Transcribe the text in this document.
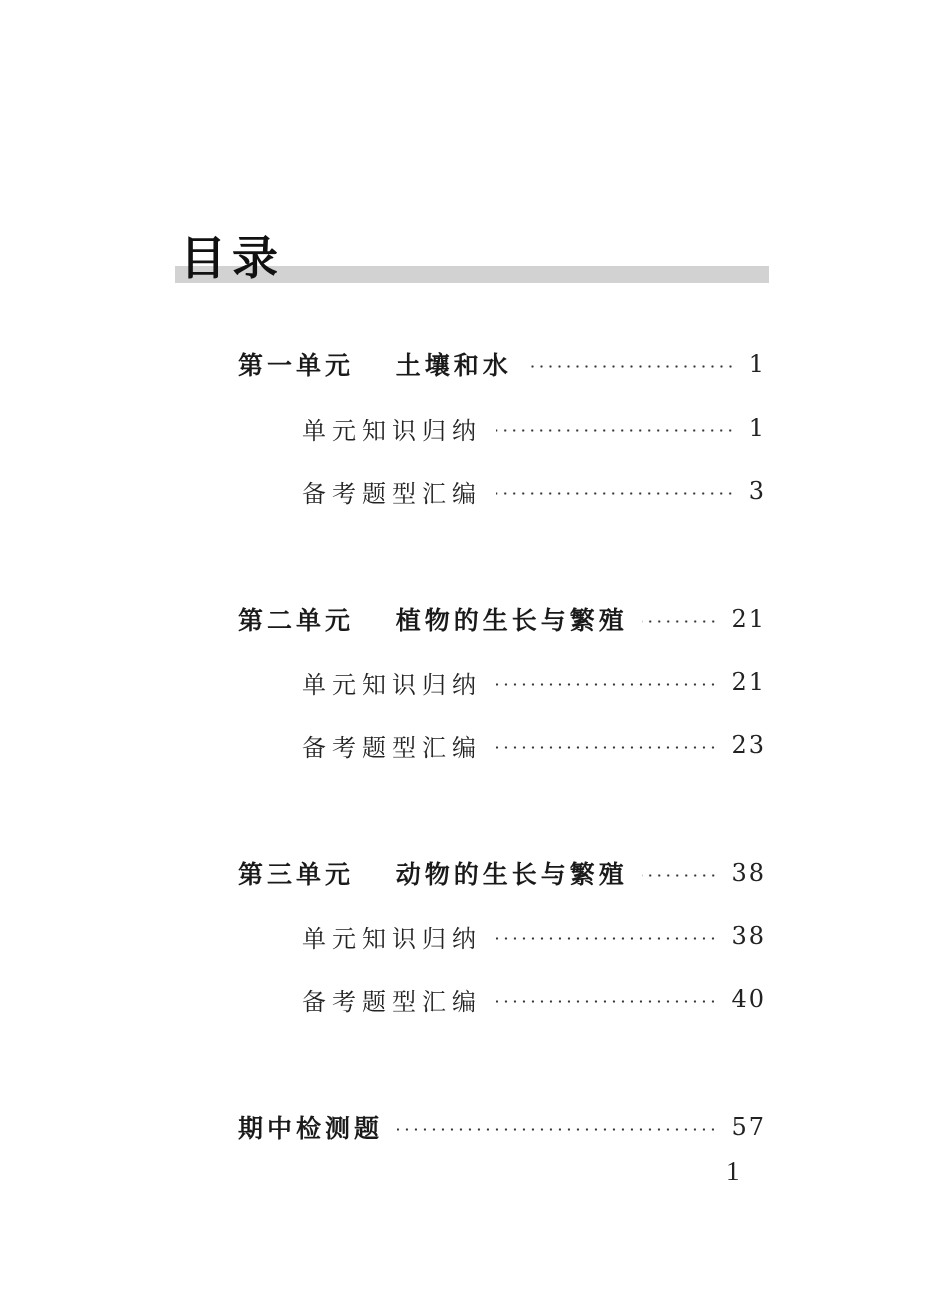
目录
第一单元　 土壤和水	1
单元知识归纳	1
备考题型汇编	3
第二单元　 植物的生长与繁殖	21
单元知识归纳	21
备考题型汇编	23
第三单元　 动物的生长与繁殖	38
单元知识归纳	38
备考题型汇编	40
期中检测题	57
1
